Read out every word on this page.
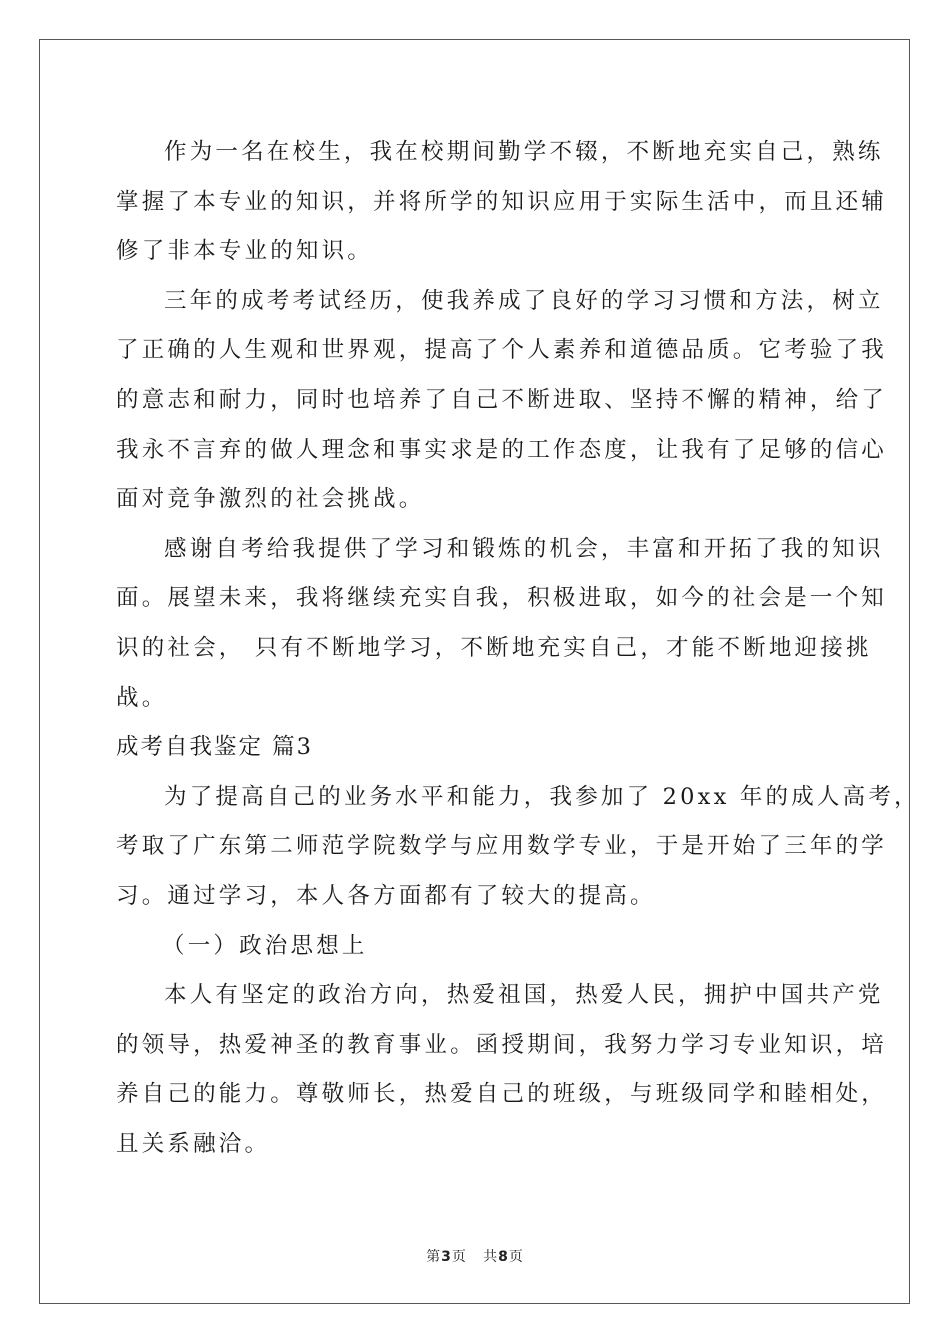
作为一名在校生，我在校期间勤学不辍，不断地充实自己，熟练
掌握了本专业的知识，并将所学的知识应用于实际生活中，而且还辅
修了非本专业的知识。
三年的成考考试经历，使我养成了良好的学习习惯和方法，树立
了正确的人生观和世界观，提高了个人素养和道德品质。它考验了我
的意志和耐力，同时也培养了自己不断进取、坚持不懈的精神，给了
我永不言弃的做人理念和事实求是的工作态度，让我有了足够的信心
面对竞争激烈的社会挑战。
感谢自考给我提供了学习和锻炼的机会，丰富和开拓了我的知识
面。展望未来，我将继续充实自我，积极进取，如今的社会是一个知
识的社会， 只有不断地学习，不断地充实自己，才能不断地迎接挑
战。
成考自我鉴定 篇3
为了提高自己的业务水平和能力，我参加了 20xx 年的成人高考，
考取了广东第二师范学院数学与应用数学专业，于是开始了三年的学
习。通过学习，本人各方面都有了较大的提高。
（一）政治思想上
本人有坚定的政治方向，热爱祖国，热爱人民，拥护中国共产党
的领导，热爱神圣的教育事业。函授期间，我努力学习专业知识，培
养自己的能力。尊敬师长，热爱自己的班级，与班级同学和睦相处，
且关系融洽。
第3页 共8页
